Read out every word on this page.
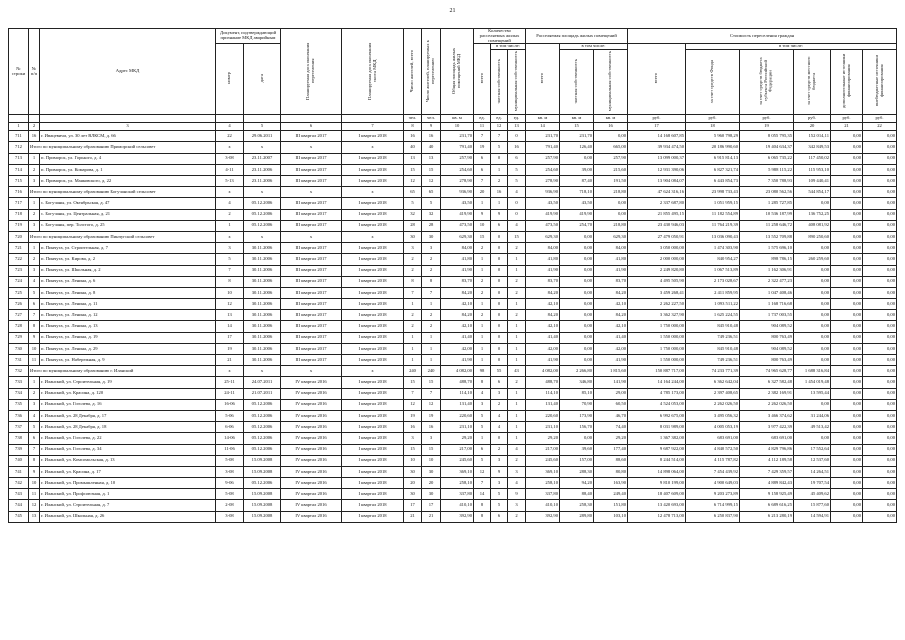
21
№ строки	№ п/п	Адрес МКД	Документ, подтверждающий признание МКД аварийным		Планируемая дата окончания переселения	Планируемая дата окончания сноса МКД	Число жителей, всего	Число жителей, планируемых к переселению	Общая площадь жилых помещений МКД	Количество расселяемых жилых помещений			Расселяемая площадь жилых помещений			Стоимость переселения граждан					
			номер	дата						всего	в том числе:		всего	в том числе:		всего	в том числе:				
											частная собственность	муниципальная собственность		частная собственность	муниципальная собственность		за счет средств Фонда	за счет средств бюджета субъекта Российской Федерации	за счет средств местного бюджета	дополнительные источники финансирования	внебюджетные источники финансирования
							чел.	чел.	кв. м	ед.	ед.	ед.	кв. м	кв. м	кв. м	руб.	руб.	руб.	руб.	руб.	руб.
1	2	3	4	5	6	7	8	9	10	11	12	13	14	15	16	17	18	19	20	21	22
711	16	г. Ивацевичи, ул. 30 лет ВЛКСМ, д. 66	22	29.06.2011	III квартал 2017	I квартал 2018	16	16	231,70	7	7	0	231,70	231,70	0,00	14 168 607,85	5 960 798,29	8 055 795,35	152 014,11	0,00	0,00
712	Итого по муниципальному образованию Приморский сельсовет		x	x	x	x	40	40	791,40	19	5	16	791,40	126,40	665,00	39 934 474,50	20 186 990,60	19 404 634,37	342 849,53	0,00	0,00
713	1	п. Приморск, ул. Горького, д. 4	3-08	23.11.2007	III квартал 2017	I квартал 2018	13	13	257,90	6	0	6	257,90	0,00	257,90	13 099 000,37	6 915 814,13	6 065 735,22	117 450,02	0,00	0,00
714	2	п. Приморск, ул. Комарова, д. 1	4-11	23.11.2006	III квартал 2017	I квартал 2018	15	15	254,60	6	1	5	254,60	39,00	215,60	12 931 390,06	6 827 321,74	5 988 115,22	115 953,10	0,00	0,00
715	3	п. Приморск, ул. Маяковского, д. 22	5-13	23.11.2006	III квартал 2017	I квартал 2018	12	12	278,90	7	2	5	278,90	87,40	191,50	13 904 084,07	6 443 854,73	7 350 788,93	109 440,41	0,00	0,00
716	Итого по муниципальному образованию Богучанский сельсовет		x	x	x	x	65	65	936,90	20	16	4	936,90	718,10	218,80	47 624 316,16	23 998 733,43	23 080 562,56	544 854,17	0,00	0,00
717	1	с. Богучаны, ул. Октябрьская, д. 47	4	05.12.2006	III квартал 2017	I квартал 2018	5	5	43,50	1	1	0	43,50	43,50	0,00	2 337 687,80	1 051 959,15	1 285 727,85	0,00	0,00	0,00
718	2	с. Богучаны, ул. Центральная, д. 21	2	05.12.2006	III квартал 2017	I квартал 2018	32	32	419,90	9	9	0	419,90	419,90	0,00	21 855 495,15	11 182 554,89	10 536 187,99	136 752,25	0,00	0,00
719	3	с. Богучаны, пер. Толстого, д. 25	1	05.12.2006	III квартал 2017	I квартал 2018	28	28	473,50	10	6	4	473,50	254,70	218,80	23 430 946,03	11 764 219,39	11 258 646,72	408 081,92	0,00	0,00
720	Итого по муниципальному образованию Пинчугский сельсовет		x	x	x	x	30	30	629,30	15	0	15	629,30	0,00	629,30	27 479 050,91	13 036 090,43	13 552 709,88	890 250,60	0,00	0,00
721	1	п. Пинчуга, ул. Строительная, д. 7	3	30.11.2006	III квартал 2017	I квартал 2018	3	3	84,00	2	0	2	84,00	0,00	84,00	3 050 000,00	1 474 303,90	1 575 696,10	0,00	0,00	0,00
722	2	п. Пинчуга, ул. Кирова, д. 2	5	30.11.2006	III квартал 2017	I квартал 2018	2	2	41,80	1	0	1	41,80	0,00	41,80	2 000 000,00	840 954,27	898 786,15	260 259,60	0,00	0,00
723	3	п. Пинчуга, ул. Школьная, д. 2	7	30.11.2006	III квартал 2017	I квартал 2018	2	2	41,90	1	0	1	41,90	0,00	41,90	2 249 820,80	1 067 513,89	1 162 306,91	0,00	0,00	0,00
724	4	п. Пинчуга, ул. Ленина, д. 6	8	30.11.2006	III квартал 2017	I квартал 2018	8	8	83,70	2	0	2	83,70	0,00	83,70	4 495 505,90	2 173 028,67	2 322 477,23	0,00	0,00	0,00
725	5	п. Пинчуга, ул. Ленина, д. 8	10	30.11.2006	III квартал 2017	I квартал 2018	7	7	84,20	2	0	2	84,20	0,00	84,20	3 459 268,41	2 411 859,95	1 047 408,46	0,00	0,00	0,00
726	6	п. Пинчуга, ул. Ленина, д. 11	12	30.11.2006	III квартал 2017	I квартал 2018	1	1	42,10	1	0	1	42,10	0,00	42,10	2 262 227,50	1 093 511,22	1 168 716,68	0,00	0,00	0,00
727	7	п. Пинчуга, ул. Ленина, д. 12	13	30.11.2006	III квартал 2017	I квартал 2018	2	2	84,20	2	0	2	84,20	0,00	84,20	3 362 327,90	1 625 224,55	1 737 003,55	0,00	0,00	0,00
728	8	п. Пинчуга, ул. Ленина, д. 13	14	30.11.2006	III квартал 2017	I квартал 2018	2	2	42,10	1	0	1	42,10	0,00	42,10	1 750 000,00	845 910,48	904 089,52	0,00	0,00	0,00
729	9	п. Пинчуга, ул. Ленина, д. 19	17	30.11.2006	III квартал 2017	I квартал 2018	1	1	41,40	1	0	1	41,40	0,00	41,40	1 550 000,00	749 236,51	800 763,49	0,00	0,00	0,00
730	10	п. Пинчуга, ул. Ленина, д. 29	19	30.11.2006	III квартал 2017	I квартал 2018	1	1	42,00	1	0	1	42,00	0,00	42,00	1 750 000,00	845 910,48	904 089,52	0,00	0,00	0,00
731	11	п. Пинчуга, ул. Набережная, д. 9	21	30.11.2006	III квартал 2017	I квартал 2018	1	1	41,90	1	0	1	41,90	0,00	41,90	1 550 000,00	749 236,51	800 763,49	0,00	0,00	0,00
732	Итого по муниципальному образованию г. Иланский		x	x	x	x	240	240	4 082,00	98	55	43	4 082,00	2 266,80	1 815,60	150 887 717,00	74 233 771,39	74 965 628,77	1 688 316,84	0,00	0,00
733	1	г. Иланский, ул. Строительная, д. 19	25-11	24.07.2011	IV квартал 2016	I квартал 2018	15	15	488,70	8	6	2	488,70	346,80	141,90	14 164 244,00	6 362 642,04	6 327 582,48	1 454 019,48	0,00	0,00
734	2	г. Иланский, ул. Красина, д. 120	24-11	21.07.2011	IV квартал 2016	I квартал 2018	7	7	114,10	4	3	1	114,10	85,10	29,00	4 785 173,00	2 397 408,65	2 382 169,91	13 595,44	0,00	0,00
735	3	г. Иланский, ул. Гоголева, д. 16	16-06	05.12.2006	IV квартал 2016	I квартал 2018	12	12	131,40	3	2	1	131,40	70,90	60,50	4 524 053,00	2 262 026,50	2 262 026,50	0,00	0,00	0,00
736	4	г. Иланский, ул. 28 Декабря, д. 17	5-06	05.12.2006	IV квартал 2016	I квартал 2018	19	19	220,60	5	4	1	220,60	173,90	46,70	6 992 675,00	3 495 056,32	3 466 374,62	31 244,06	0,00	0,00
737	5	г. Иланский, ул. 28 Декабря, д. 18	6-06	05.12.2006	IV квартал 2016	I квартал 2018	16	16	231,10	5	4	1	231,10	156,70	74,40	8 031 989,00	4 005 053,19	3 977 422,39	49 513,42	0,00	0,00
738	6	г. Иланский, ул. Гоголева, д. 22	14-06	05.12.2006	IV квартал 2016	I квартал 2018	3	3	29,20	1	0	1	29,20	0,00	29,20	1 367 382,00	683 691,00	683 691,00	0,00	0,00	0,00
739	7	г. Иланский, ул. Гоголева, д. 34	11-06	05.12.2006	IV квартал 2016	I квартал 2018	15	15	217,00	6	2	4	217,00	39,60	177,40	9 687 922,00	4 840 572,50	4 829 796,86	17 552,64	0,00	0,00
740	8	г. Иланский, ул. Комсомольская, д. 13	5-08	15.09.2008	IV квартал 2016	I квартал 2018	10	10	245,60	5	3	2	245,60	157,00	88,60	8 244 514,00	4 115 787,82	4 112 189,58	12 537,60	0,00	0,00
741	9	г. Иланский, ул. Красина, д. 17	3-08	15.09.2008	IV квартал 2016	I квартал 2018	30	30	369,10	12	9	3	369,10	288,30	80,80	14 898 064,00	7 454 439,92	7 429 359,57	14 264,51	0,00	0,00
742	10	г. Иланский, ул. Промышленная, д. 10	9-06	05.12.2006	IV квартал 2016	I квартал 2018	20	20	258,10	7	3	4	258,10	94,20	163,90	9 810 199,00	4 900 649,03	4 889 842,43	19 707,54	0,00	0,00
743	11	г. Иланский, ул. Профсоюзная, д. 1	5-08	15.09.2008	IV квартал 2016	I квартал 2018	30	30	337,80	14	5	9	337,80	88,40	249,40	18 407 609,00	9 203 273,89	9 158 925,49	45 409,62	0,00	0,00
744	12	г. Иланский, ул. Строительная, д. 7	2-08	15.09.2008	IV квартал 2016	I квартал 2018	17	17	410,10	8	5	3	410,10	258,30	151,80	13 420 693,00	6 714 999,15	6 689 616,25	15 877,60	0,00	0,00
745	13	г. Иланский, ул. Школьная, д. 26	3-08	15.09.2008	IV квартал 2016	I квартал 2018	21	21	392,90	8	6	2	392,90	289,80	103,10	12 478 713,00	6 250 837,90	6 213 280,19	14 594,91	0,00	0,00
